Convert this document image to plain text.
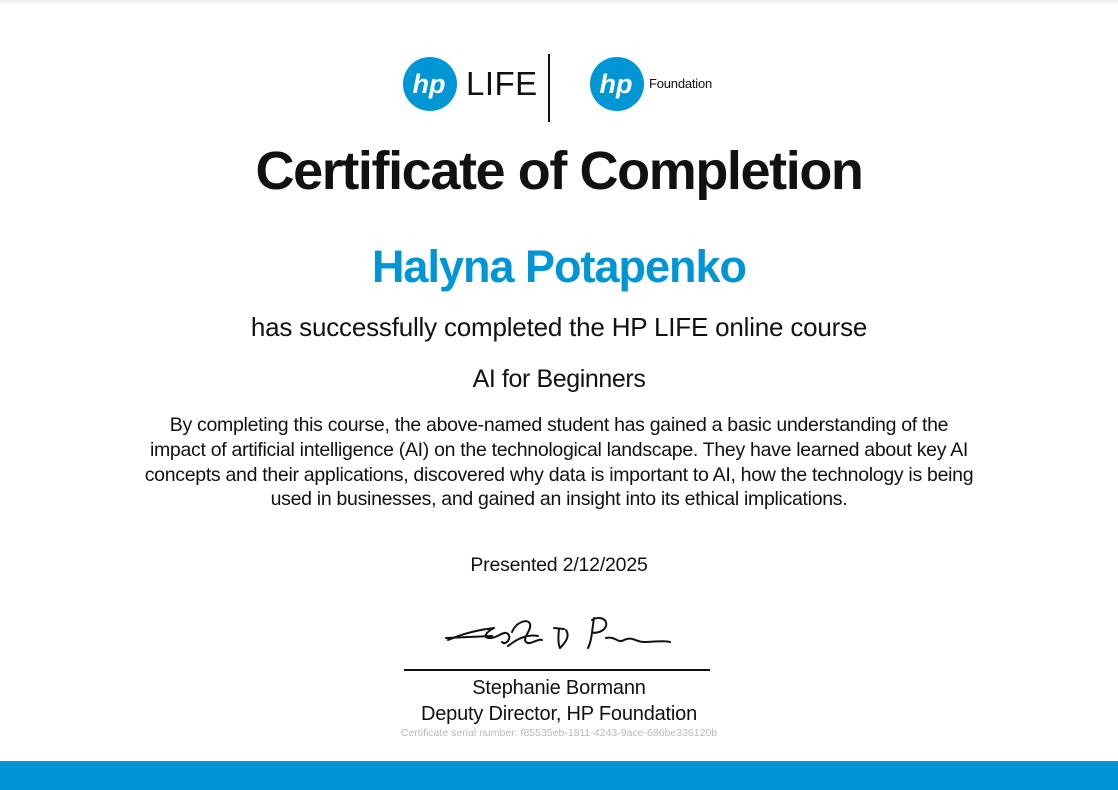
hp LIFE hp Foundation
Certificate of Completion
Halyna Potapenko
has successfully completed the HP LIFE online course
AI for Beginners
By completing this course, the above-named student has gained a basic understanding of the impact of artificial intelligence (AI) on the technological landscape. They have learned about key AI concepts and their applications, discovered why data is important to AI, how the technology is being used in businesses, and gained an insight into its ethical implications.
Presented 2/12/2025
Stephanie Bormann
Deputy Director, HP Foundation
Certificate serial number: f85535eb-1811-4243-9ace-686be336120b
